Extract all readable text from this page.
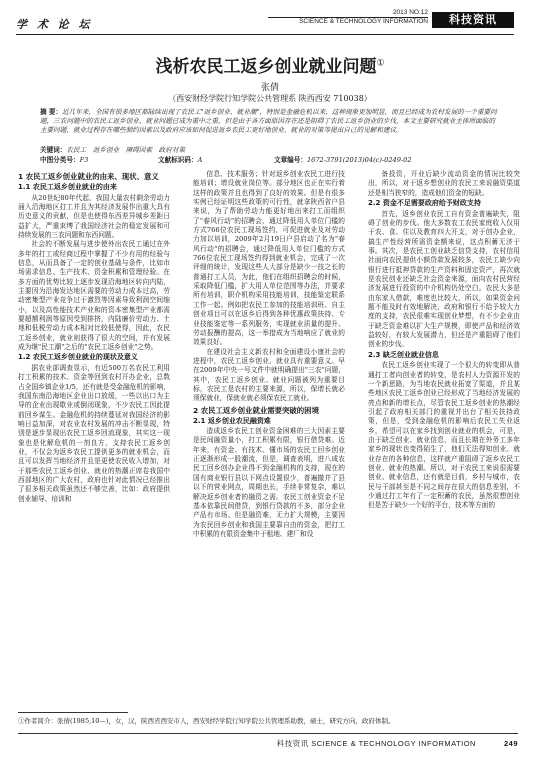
学 术 论 坛
2013 NO.12
SCIENCE & TECHNOLOGY INFORMATION	科技资讯
浅析农民工返乡创业就业问题①
张倩
（西安财经学院行知学院公共管理系 陕西西安 710038）
摘 要：近几年来，全国有很多地区都陆续出现了农民工"返乡创业、就业潮"，特别是金融危机以来，这种现象更加明显，而且已经成为农村发展的一个重要问题，三农问题中的农民工返乡创业、就业问题已成为重中之重，但是由于各方面原因存在还是阻碍了农民工返乡创业的步伐，本文主要研究就业主体所面临的主要问题，就业过程存在哪些制约因素以及政府应该如何促进返乡农民工更好地创业，就业的对策等提出自己的见解和建议。
关键词：农民工　返乡创业　障碍因素　政府对策
中图分类号：F3	文献标识码：A	文章编号：1672-3791(2013)04(c)-0249-02
1 农民工返乡创业就业的由来、现状、意义
1.1 农民工返乡创业就业的由来

从20世纪80年代起，我国大量农村剩余劳动力涌入沿海地区打工并且为其经济发展作出重大具有历史意义的贡献，但是也使得东西差异城乡差距日益扩大，严重束缚了我国经济社会的稳定发展和可持续发展的三农问题和东西问题。

社会的不断发展与进步使外出农民工通过在外多年的打工或经商过程中掌握了不少有用的经验与信息，从而具备了一定的创业基础与条件，比如市场需求信息、生产技术、资金积累和管理经验。在多方面的优势比较上逐步发现沿海地区转向内陆，主要因为沿海发达地区需要的劳动力成本过高，劳动密集型产业竞争过于激烈等因素导致利润空间缩小，以及高性能技术产业和的资本密集型产业都需要超额利润等原因受到排挤，内陆廉价劳动力、土地和低税劳动力成本相对比较低使得，因此，农民工返乡创业，就业则获得了很大的空间，并有发展成为继"民工潮"之后的"农民工返乡创业"之势。

1.2 农民工返乡创业就业的现状及意义

据农业部调查显示，有近500万名农民工利用打工积累的技术、资金等回到农村开办企业，总数占全国乡镇企业1/5，还有就是受金融危机的影响，我国东南沿海地区企业出口放缓，一些以出口为主导的企业出现歇业或倒闭现象，不少农民工因此提前回乡谋生。金融危机的持续蔓延对我国经济的影响日益加深，对农业农村发展的冲击不断显现，特别是逐步显现出农民工返乡回流现象，其实这一现象也是化解危机的一剂良方，支持农民工返乡创业，不仅会为返乡农民工提供更多的就业机会，而且可以发挥当地经济并且是更使农民收入增加，对于那些农民工返乡创业、就业的热潮正席卷我国中西部地区的广大农村，政府也针对此情况已经推出了很多相关政策虽然还不够完善，比如：政府提供创业辅导、培训和

信息、技术服务；针对返乡创业农民工进行技能培训；增设就业岗位等。部分地区也正在实行着这样的政策并且也得到了良好的效果。但是有很多实例已经证明这些政策的可行性，就拿陕西省户县来说，为了帮助劳动力能更好地出来打工而组织了"春风行动"的招聘会，通过降低用人单位门槛的方式766位农民工现场签约，可促进就业及对劳动力加以培训，2009年2月19日户县启动了名为"春风行动"的招聘会，通过降低用人单位门槛的方式766位农民工现场签约得到就业机会，完成了一次评细的统计，发现这些人大部分是缺少一技之长的普通打工人员，为此，他们在组织招聘会的时候，采取降低门槛，扩大用人单位范围等办法，并要求所有培训，职介机构采用技能培训，技能鉴定联系工作一起。例如把农民工参加的技能培训班、自主创业项目可以在返乡后得到各种优惠政策扶持、专业技能鉴定等一系列服务，实现就业质量的提升、劳动报酬的提高，这一举措成为当地响应了就业的效果良好。

在建设社会主义新农村和全面建设小康社会的进程中，农民工返乡创业、就业具有重要意义。早在2009年中央一号文件中就明确提出"三农"问题，其中，农民工返乡创业、就业问题被列为重要目标，农民工是农村的主要来源，所以，保增长就必须保就业，保就业就必须保农民工就业。

2 农民工返乡创业就业需要突破的困境
2.1 返乡创业农民融资难

造成返乡农民工创业资金困难的三大因素主要是民间融资量小，打工积累有限，银行借贷难。近年来，有资金、有技术、懂市场的农民工回乡创业正逐渐形成一股潮流，但是，调查表明，进八成农民工回乡创办企业得不到金融机构的支持，现在的国有商业银行县以下网点设置很少，普遍撤并了县以下的营业网点，周期也长，手续非常复杂，难以解决返乡创业者的融资之需。农民工创业资金不足基本依靠民间借贷，到银行贷款的不多，部分企业产品有市场、但是融资难，无力扩大规模，主要因为农民回乡创业和我国主要靠自由的资金，把打工中积累的有限资金集中于租地、建厂和设

备投资，开业后缺少流动资金的情况比较突出，所以，对于返乡想创业的农民工来说融资渠道还是相当狭窄的，造成他们资金的短缺。

2.2 资金不足需要政府给予财政支持

首先，返乡创业农民工自有资金普遍缺失，阻碍了创业的步伐。他大多数农工农民家庭收入仅用于农、食、住以及教育四大开支，对于创办企业，搞生产性经营所需资金额来说，这点积蓄无济于事。其次，是农民工创业缺乏信贷支持，农村信用社面向农民提供小额贷款发展较多，农民工缺少向银行进行抵押贷款的生产资料和固定资产，再次就是农民创业还缺乏社会资金来源，面向农村民营经济发展进行投资的中介机构仍处空白。农民大多是由东家人借款，难度也比较大，所以，如果资金问题不能及时有效地解决，政府和银行不给予较大力度的支持，农民很难实现创业梦想，有不少企业由于缺乏资金难以扩大生产规模，即使产品和经济效益较好，有较大发展潜力，但还是产重阻碍了他们创业的步伐。

2.3 缺乏创业就业信息

农民工返乡创业实现了一个很大的转变即从普通打工者向创业者的转变，是农村人力资源开发的一个新思路，为当地农民就业拓宽了渠道，并且某些地区农民工返乡创业已经形成了当地经济发展的亮点和新的增长点，尽管农民工返乡创业的热潮经引起了政府相关部门的重视并出台了相关扶持政策，但是，受到金融危机的影响后农民工失业返乡，希望可以在家乡找到创业就业的机会，可是，由于缺乏创业、就业信息，而且长期在外务工多年家乡的现状也变得陌生了，他们无法得知创业、就业存在的各种信息，这样就产重阻碍了返乡农民工创业、就业的热潮。所以，对于农民工来说很需要创业、就业信息，还有就是目前，乡村与城市，农民与干部甚至是不同之间存在很大的信息差别，不少通过打工年有了一定积蓄的农民，虽然很想创业但是苦于缺少一个好的平台，技术等方面的

①作者简介：张倩(1985,10—)，女，汉，陕西省西安市人，西安财经学院行知学院公共管理系助教，硕士，研究方向，政府体制。
科技资讯 SCIENCE & TECHNOLOGY INFORMATION	249
